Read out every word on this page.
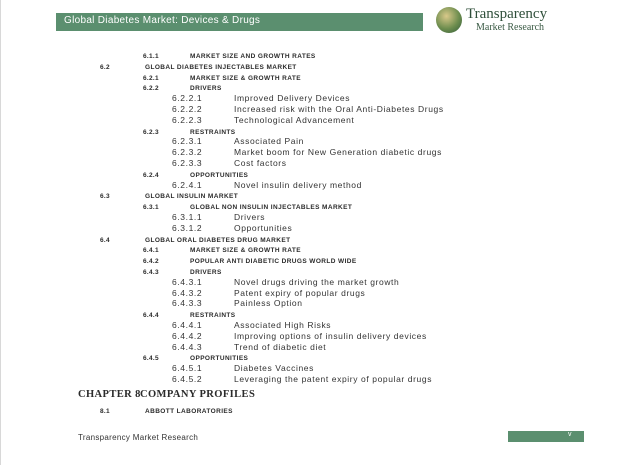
Global Diabetes Market: Devices & Drugs	Transparency
Market Research
6.1.1	MARKET SIZE AND GROWTH RATES
6.2	GLOBAL DIABETES INJECTABLES MARKET
6.2.1	MARKET SIZE & GROWTH RATE
6.2.2	DRIVERS
6.2.2.1	Improved Delivery Devices
6.2.2.2	Increased risk with the Oral Anti-Diabetes Drugs
6.2.2.3	Technological Advancement
6.2.3	RESTRAINTS
6.2.3.1	Associated Pain
6.2.3.2	Market boom for New Generation diabetic drugs
6.2.3.3	Cost factors
6.2.4	OPPORTUNITIES
6.2.4.1	Novel insulin delivery method
6.3	GLOBAL INSULIN MARKET
6.3.1	GLOBAL NON INSULIN INJECTABLES MARKET
6.3.1.1	Drivers
6.3.1.2	Opportunities
6.4	GLOBAL ORAL DIABETES DRUG MARKET
6.4.1	MARKET SIZE & GROWTH RATE
6.4.2	POPULAR ANTI DIABETIC DRUGS WORLD WIDE
6.4.3	DRIVERS
6.4.3.1	Novel drugs driving the market growth
6.4.3.2	Patent expiry of popular drugs
6.4.3.3	Painless Option
6.4.4	RESTRAINTS
6.4.4.1	Associated High Risks
6.4.4.2	Improving options of insulin delivery devices
6.4.4.3	Trend of diabetic diet
6.4.5	OPPORTUNITIES
6.4.5.1	Diabetes Vaccines
6.4.5.2	Leveraging the patent expiry of popular drugs
CHAPTER 8 COMPANY PROFILES
8.1	ABBOTT LABORATORIES
Transparency Market Research	v
